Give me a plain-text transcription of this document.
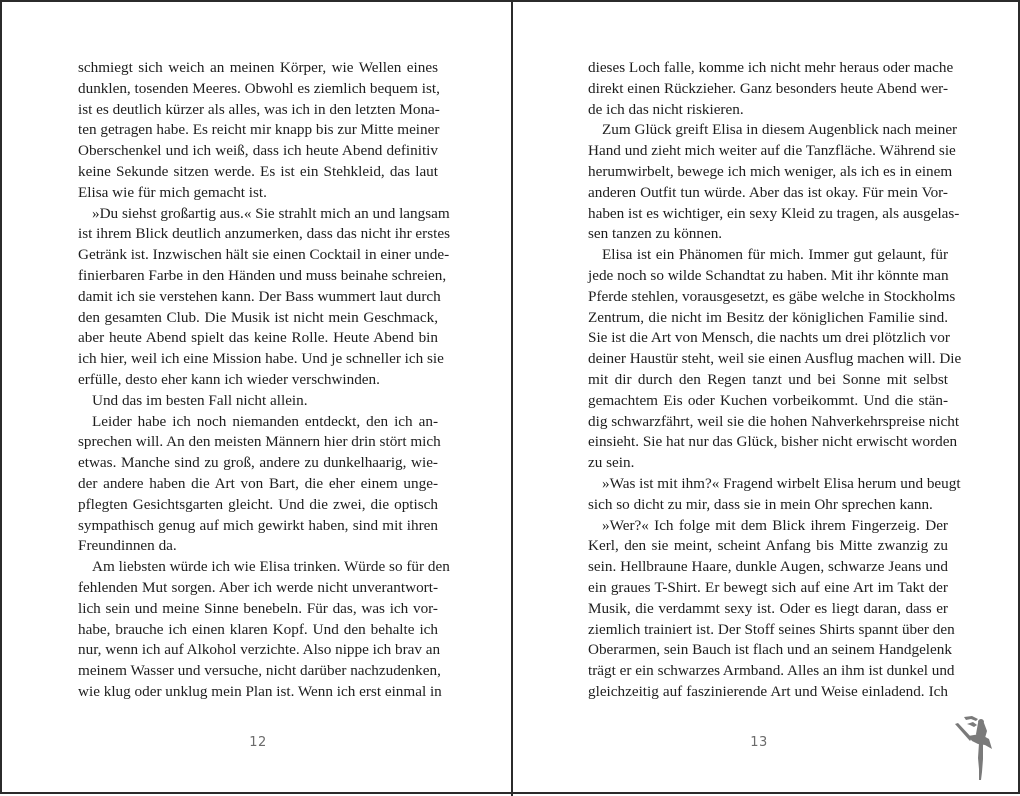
schmiegt sich weich an meinen Körper, wie Wellen eines
dunklen, tosenden Meeres. Obwohl es ziemlich bequem ist,
ist es deutlich kürzer als alles, was ich in den letzten Mona-
ten getragen habe. Es reicht mir knapp bis zur Mitte meiner
Oberschenkel und ich weiß, dass ich heute Abend definitiv
keine Sekunde sitzen werde. Es ist ein Stehkleid, das laut
Elisa wie für mich gemacht ist.

»Du siehst großartig aus.« Sie strahlt mich an und langsam
ist ihrem Blick deutlich anzumerken, dass das nicht ihr erstes
Getränk ist. Inzwischen hält sie einen Cocktail in einer unde-
finierbaren Farbe in den Händen und muss beinahe schreien,
damit ich sie verstehen kann. Der Bass wummert laut durch
den gesamten Club. Die Musik ist nicht mein Geschmack,
aber heute Abend spielt das keine Rolle. Heute Abend bin
ich hier, weil ich eine Mission habe. Und je schneller ich sie
erfülle, desto eher kann ich wieder verschwinden.

Und das im besten Fall nicht allein.

Leider habe ich noch niemanden entdeckt, den ich an-
sprechen will. An den meisten Männern hier drin stört mich
etwas. Manche sind zu groß, andere zu dunkelhaarig, wie-
der andere haben die Art von Bart, die eher einem unge-
pflegten Gesichtsgarten gleicht. Und die zwei, die optisch
sympathisch genug auf mich gewirkt haben, sind mit ihren
Freundinnen da.

Am liebsten würde ich wie Elisa trinken. Würde so für den
fehlenden Mut sorgen. Aber ich werde nicht unverantwort-
lich sein und meine Sinne benebeln. Für das, was ich vor-
habe, brauche ich einen klaren Kopf. Und den behalte ich
nur, wenn ich auf Alkohol verzichte. Also nippe ich brav an
meinem Wasser und versuche, nicht darüber nachzudenken,
wie klug oder unklug mein Plan ist. Wenn ich erst einmal in

12

dieses Loch falle, komme ich nicht mehr heraus oder mache
direkt einen Rückzieher. Ganz besonders heute Abend wer-
de ich das nicht riskieren.

Zum Glück greift Elisa in diesem Augenblick nach meiner
Hand und zieht mich weiter auf die Tanzfläche. Während sie
herumwirbelt, bewege ich mich weniger, als ich es in einem
anderen Outfit tun würde. Aber das ist okay. Für mein Vor-
haben ist es wichtiger, ein sexy Kleid zu tragen, als ausgelas-
sen tanzen zu können.

Elisa ist ein Phänomen für mich. Immer gut gelaunt, für
jede noch so wilde Schandtat zu haben. Mit ihr könnte man
Pferde stehlen, vorausgesetzt, es gäbe welche in Stockholms
Zentrum, die nicht im Besitz der königlichen Familie sind.
Sie ist die Art von Mensch, die nachts um drei plötzlich vor
deiner Haustür steht, weil sie einen Ausflug machen will. Die
mit dir durch den Regen tanzt und bei Sonne mit selbst
gemachtem Eis oder Kuchen vorbeikommt. Und die stän-
dig schwarzfährt, weil sie die hohen Nahverkehrspreise nicht
einsieht. Sie hat nur das Glück, bisher nicht erwischt worden
zu sein.

»Was ist mit ihm?« Fragend wirbelt Elisa herum und beugt
sich so dicht zu mir, dass sie in mein Ohr sprechen kann.

»Wer?« Ich folge mit dem Blick ihrem Fingerzeig. Der
Kerl, den sie meint, scheint Anfang bis Mitte zwanzig zu
sein. Hellbraune Haare, dunkle Augen, schwarze Jeans und
ein graues T-Shirt. Er bewegt sich auf eine Art im Takt der
Musik, die verdammt sexy ist. Oder es liegt daran, dass er
ziemlich trainiert ist. Der Stoff seines Shirts spannt über den
Oberarmen, sein Bauch ist flach und an seinem Handgelenk
trägt er ein schwarzes Armband. Alles an ihm ist dunkel und
gleichzeitig auf faszinierende Art und Weise einladend. Ich

13
